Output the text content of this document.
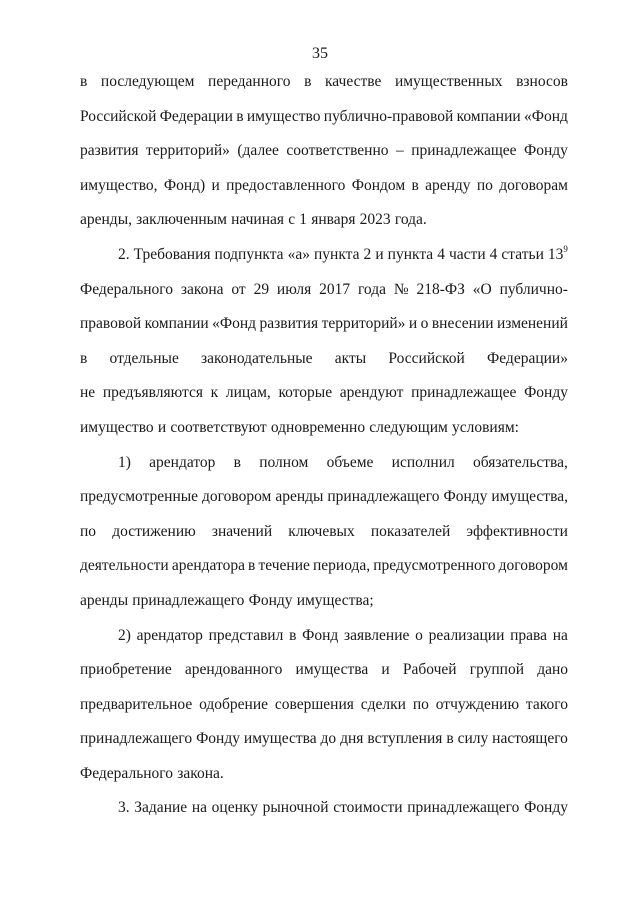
35
в последующем переданного в качестве имущественных взносов
Российской Федерации в имущество публично-правовой компании «Фонд
развития территорий» (далее соответственно – принадлежащее Фонду
имущество, Фонд) и предоставленного Фондом в аренду по договорам
аренды, заключенным начиная с 1 января 2023 года.
2. Требования подпункта «а» пункта 2 и пункта 4 части 4 статьи $13^9$
Федерального закона от 29 июля 2017 года № 218-ФЗ «О публично-
правовой компании «Фонд развития территорий» и о внесении изменений
в отдельные законодательные акты Российской Федерации»
не предъявляются к лицам, которые арендуют принадлежащее Фонду
имущество и соответствуют одновременно следующим условиям:
1) арендатор в полном объеме исполнил обязательства,
предусмотренные договором аренды принадлежащего Фонду имущества,
по достижению значений ключевых показателей эффективности
деятельности арендатора в течение периода, предусмотренного договором
аренды принадлежащего Фонду имущества;
2) арендатор представил в Фонд заявление о реализации права на
приобретение арендованного имущества и Рабочей группой дано
предварительное одобрение совершения сделки по отчуждению такого
принадлежащего Фонду имущества до дня вступления в силу настоящего
Федерального закона.
3. Задание на оценку рыночной стоимости принадлежащего Фонду
